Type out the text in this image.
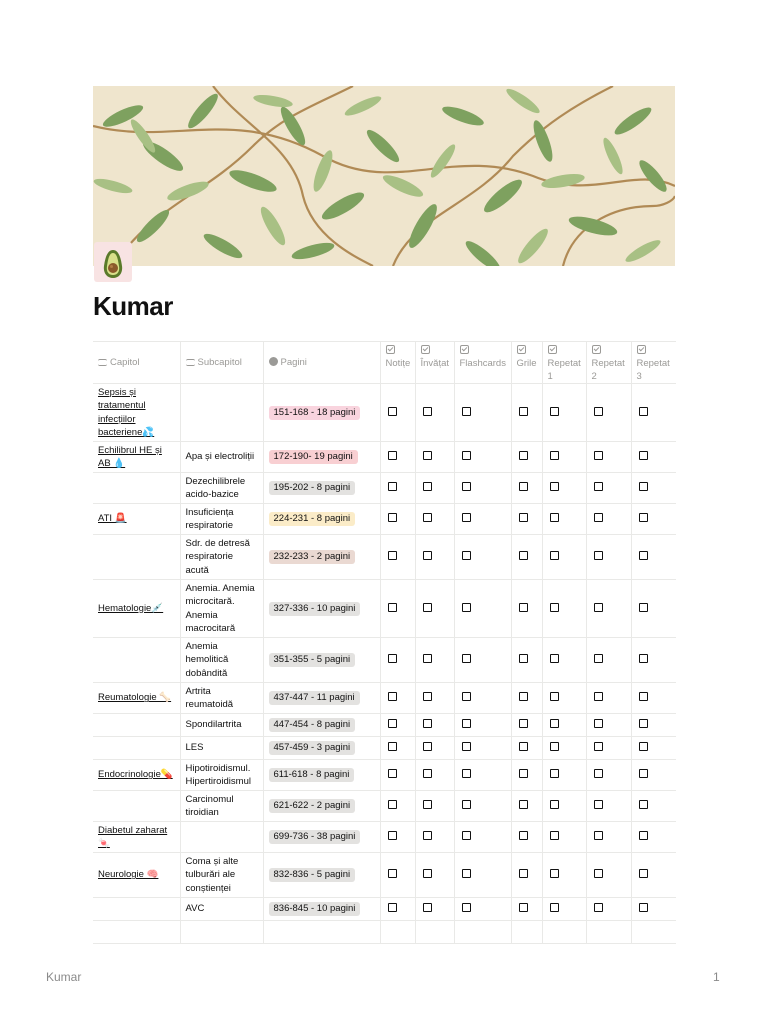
Kumar
Capitol	Subcapitol	Pagini	Notițe	Învățat	Flashcards	Grile	Repetat 1	Repetat 2	Repetat 3
Sepsis și tratamentul infecțiilor bacteriene💦		151-168 - 18 pagini							
Echilibrul HE și AB 💧	Apa și electroliții	172-190- 19 pagini							
	Dezechilibrele acido-bazice	195-202 - 8 pagini							
ATI 🚨	Insuficiența respiratorie	224-231 - 8 pagini							
	Sdr. de detresă respiratorie acută	232-233 - 2 pagini							
Hematologie💉	Anemia. Anemia microcitară. Anemia macrocitară	327-336 - 10 pagini							
	Anemia hemolitică dobândită	351-355 - 5 pagini							
Reumatologie 🦴	Artrita reumatoidă	437-447 - 11 pagini							
	Spondilartrita	447-454 - 8 pagini							
	LES	457-459 - 3 pagini							
Endocrinologie💊	Hipotiroidismul. Hipertiroidismul	611-618 - 8 pagini							
	Carcinomul tiroidian	621-622 - 2 pagini							
Diabetul zaharat 🍬		699-736 - 38 pagini							
Neurologie 🧠	Coma și alte tulburări ale conștienței	832-836 - 5 pagini							
	AVC	836-845 - 10 pagini							

Kumar	1
